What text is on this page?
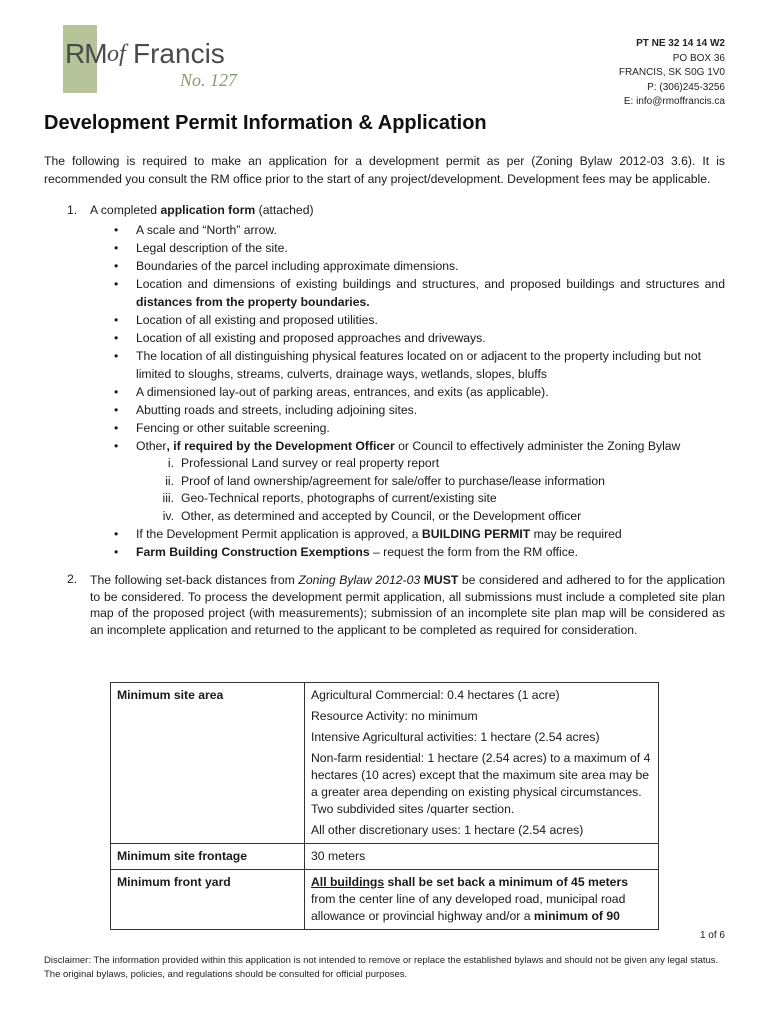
RM of Francis
No. 127
PT NE 32 14 14 W2
PO BOX 36
FRANCIS, SK S0G 1V0
P: (306)245-3256
E: info@rmoffrancis.ca
Development Permit Information & Application

The following is required to make an application for a development permit as per (Zoning Bylaw 2012-03 3.6). It is recommended you consult the RM office prior to the start of any project/development. Development fees may be applicable.

1. A completed application form (attached)
• A scale and “North” arrow.
• Legal description of the site.
• Boundaries of the parcel including approximate dimensions.
• Location and dimensions of existing buildings and structures, and proposed buildings and structures and distances from the property boundaries.
• Location of all existing and proposed utilities.
• Location of all existing and proposed approaches and driveways.
• The location of all distinguishing physical features located on or adjacent to the property including but not limited to sloughs, streams, culverts, drainage ways, wetlands, slopes, bluffs
• A dimensioned lay-out of parking areas, entrances, and exits (as applicable).
• Abutting roads and streets, including adjoining sites.
• Fencing or other suitable screening.
• Other, if required by the Development Officer or Council to effectively administer the Zoning Bylaw
i. Professional Land survey or real property report
ii. Proof of land ownership/agreement for sale/offer to purchase/lease information
iii. Geo-Technical reports, photographs of current/existing site
iv. Other, as determined and accepted by Council, or the Development officer
• If the Development Permit application is approved, a BUILDING PERMIT may be required
• Farm Building Construction Exemptions – request the form from the RM office.
2. The following set-back distances from Zoning Bylaw 2012-03 MUST be considered and adhered to for the application to be considered. To process the development permit application, all submissions must include a completed site plan map of the proposed project (with measurements); submission of an incomplete site plan map will be considered as an incomplete application and returned to the applicant to be completed as required for consideration.

Minimum site area	Agricultural Commercial: 0.4 hectares (1 acre)

Resource Activity: no minimum

Intensive Agricultural activities: 1 hectare (2.54 acres)

Non-farm residential: 1 hectare (2.54 acres) to a maximum of 4 hectares (10 acres) except that the maximum site area may be a greater area depending on existing physical circumstances. Two subdivided sites /quarter section.

All other discretionary uses: 1 hectare (2.54 acres)

Minimum site frontage	30 meters
Minimum front yard	All buildings shall be set back a minimum of 45 meters from the center line of any developed road, municipal road allowance or provincial highway and/or a minimum of 90
1 of 6

Disclaimer: The information provided within this application is not intended to remove or replace the established bylaws and should not be given any legal status. The original bylaws, policies, and regulations should be consulted for official purposes.
